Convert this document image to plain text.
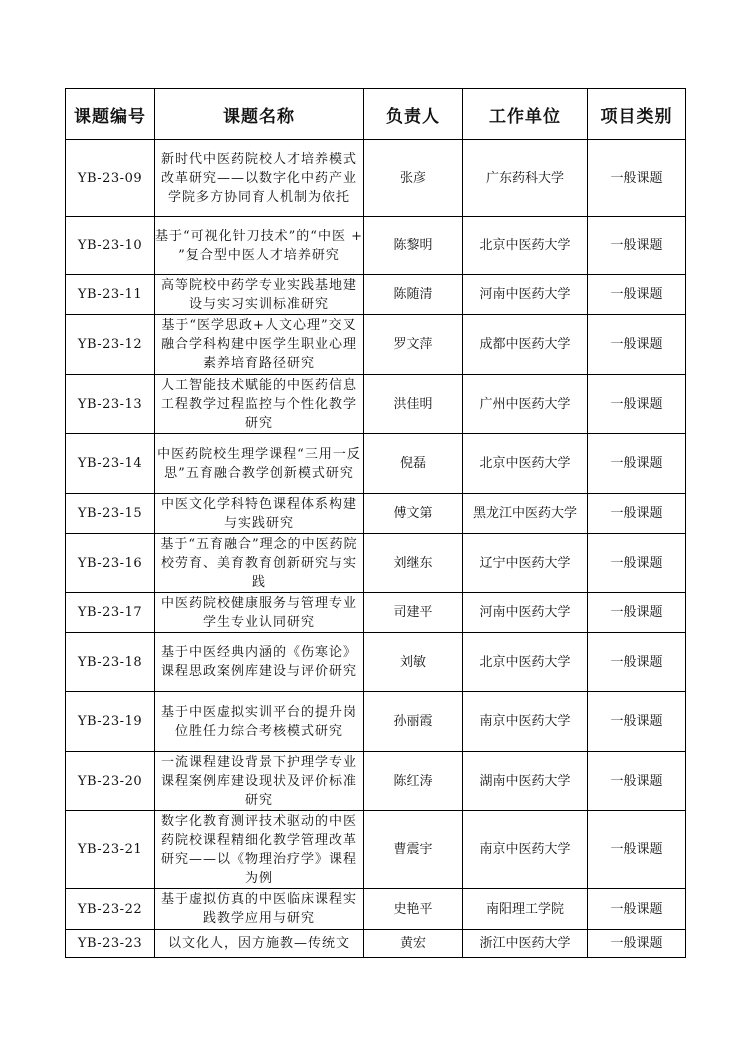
课题编号	课题名称	负责人	工作单位	项目类别
YB-23-09	新时代中医药院校人才培养模式改革研究——以数字化中药产业学院多方协同育人机制为依托	张彦	广东药科大学	一般课题
YB-23-10	基于“可视化针刀技术”的“中医 + ”复合型中医人才培养研究	陈黎明	北京中医药大学	一般课题
YB-23-11	高等院校中药学专业实践基地建设与实习实训标准研究	陈随清	河南中医药大学	一般课题
YB-23-12	基于“医学思政+人文心理”交叉融合学科构建中医学生职业心理素养培育路径研究	罗文萍	成都中医药大学	一般课题
YB-23-13	人工智能技术赋能的中医药信息工程教学过程监控与个性化教学研究	洪佳明	广州中医药大学	一般课题
YB-23-14	中医药院校生理学课程“三用一反思”五育融合教学创新模式研究	倪磊	北京中医药大学	一般课题
YB-23-15	中医文化学科特色课程体系构建与实践研究	傅文第	黑龙江中医药大学	一般课题
YB-23-16	基于“五育融合”理念的中医药院校劳育、美育教育创新研究与实践	刘继东	辽宁中医药大学	一般课题
YB-23-17	中医药院校健康服务与管理专业学生专业认同研究	司建平	河南中医药大学	一般课题
YB-23-18	基于中医经典内涵的《伤寒论》课程思政案例库建设与评价研究	刘敏	北京中医药大学	一般课题
YB-23-19	基于中医虚拟实训平台的提升岗位胜任力综合考核模式研究	孙丽霞	南京中医药大学	一般课题
YB-23-20	一流课程建设背景下护理学专业课程案例库建设现状及评价标准研究	陈红涛	湖南中医药大学	一般课题
YB-23-21	数字化教育测评技术驱动的中医药院校课程精细化教学管理改革研究——以《物理治疗学》课程为例	曹震宇	南京中医药大学	一般课题
YB-23-22	基于虚拟仿真的中医临床课程实践教学应用与研究	史艳平	南阳理工学院	一般课题
YB-23-23	以文化人，因方施教—传统文	黄宏	浙江中医药大学	一般课题
